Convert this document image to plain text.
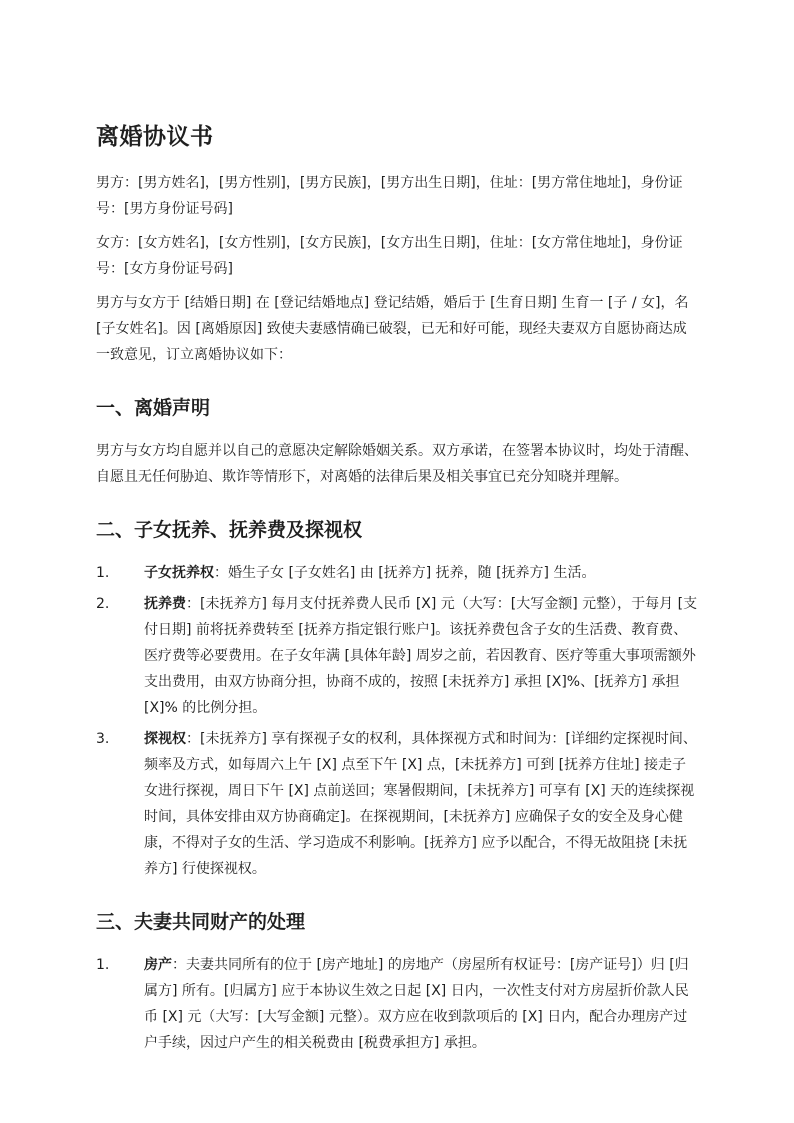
离婚协议书

男方：[男方姓名]，[男方性别]，[男方民族]，[男方出生日期]，住址：[男方常住地址]，身份证号：[男方身份证号码]

女方：[女方姓名]，[女方性别]，[女方民族]，[女方出生日期]，住址：[女方常住地址]，身份证号：[女方身份证号码]

男方与女方于 [结婚日期] 在 [登记结婚地点] 登记结婚，婚后于 [生育日期] 生育一 [子 / 女]，名 [子女姓名]。因 [离婚原因] 致使夫妻感情确已破裂，已无和好可能，现经夫妻双方自愿协商达成一致意见，订立离婚协议如下：

一、离婚声明

男方与女方均自愿并以自己的意愿决定解除婚姻关系。双方承诺，在签署本协议时，均处于清醒、自愿且无任何胁迫、欺诈等情形下，对离婚的法律后果及相关事宜已充分知晓并理解。

二、子女抚养、抚养费及探视权
1.	子女抚养权：婚生子女 [子女姓名] 由 [抚养方] 抚养，随 [抚养方] 生活。
2.	抚养费：[未抚养方] 每月支付抚养费人民币 [X] 元（大写：[大写金额] 元整），于每月 [支付日期] 前将抚养费转至 [抚养方指定银行账户]。该抚养费包含子女的生活费、教育费、医疗费等必要费用。在子女年满 [具体年龄] 周岁之前，若因教育、医疗等重大事项需额外支出费用，由双方协商分担，协商不成的，按照 [未抚养方] 承担 [X]%、[抚养方] 承担 [X]% 的比例分担。
3.	探视权：[未抚养方] 享有探视子女的权利，具体探视方式和时间为：[详细约定探视时间、频率及方式，如每周六上午 [X] 点至下午 [X] 点，[未抚养方] 可到 [抚养方住址] 接走子女进行探视，周日下午 [X] 点前送回；寒暑假期间，[未抚养方] 可享有 [X] 天的连续探视时间，具体安排由双方协商确定]。在探视期间，[未抚养方] 应确保子女的安全及身心健康，不得对子女的生活、学习造成不利影响。[抚养方] 应予以配合，不得无故阻挠 [未抚养方] 行使探视权。
三、夫妻共同财产的处理
1.	房产：夫妻共同所有的位于 [房产地址] 的房地产（房屋所有权证号：[房产证号]）归 [归属方] 所有。[归属方] 应于本协议生效之日起 [X] 日内，一次性支付对方房屋折价款人民币 [X] 元（大写：[大写金额] 元整）。双方应在收到款项后的 [X] 日内，配合办理房产过户手续，因过户产生的相关税费由 [税费承担方] 承担。
